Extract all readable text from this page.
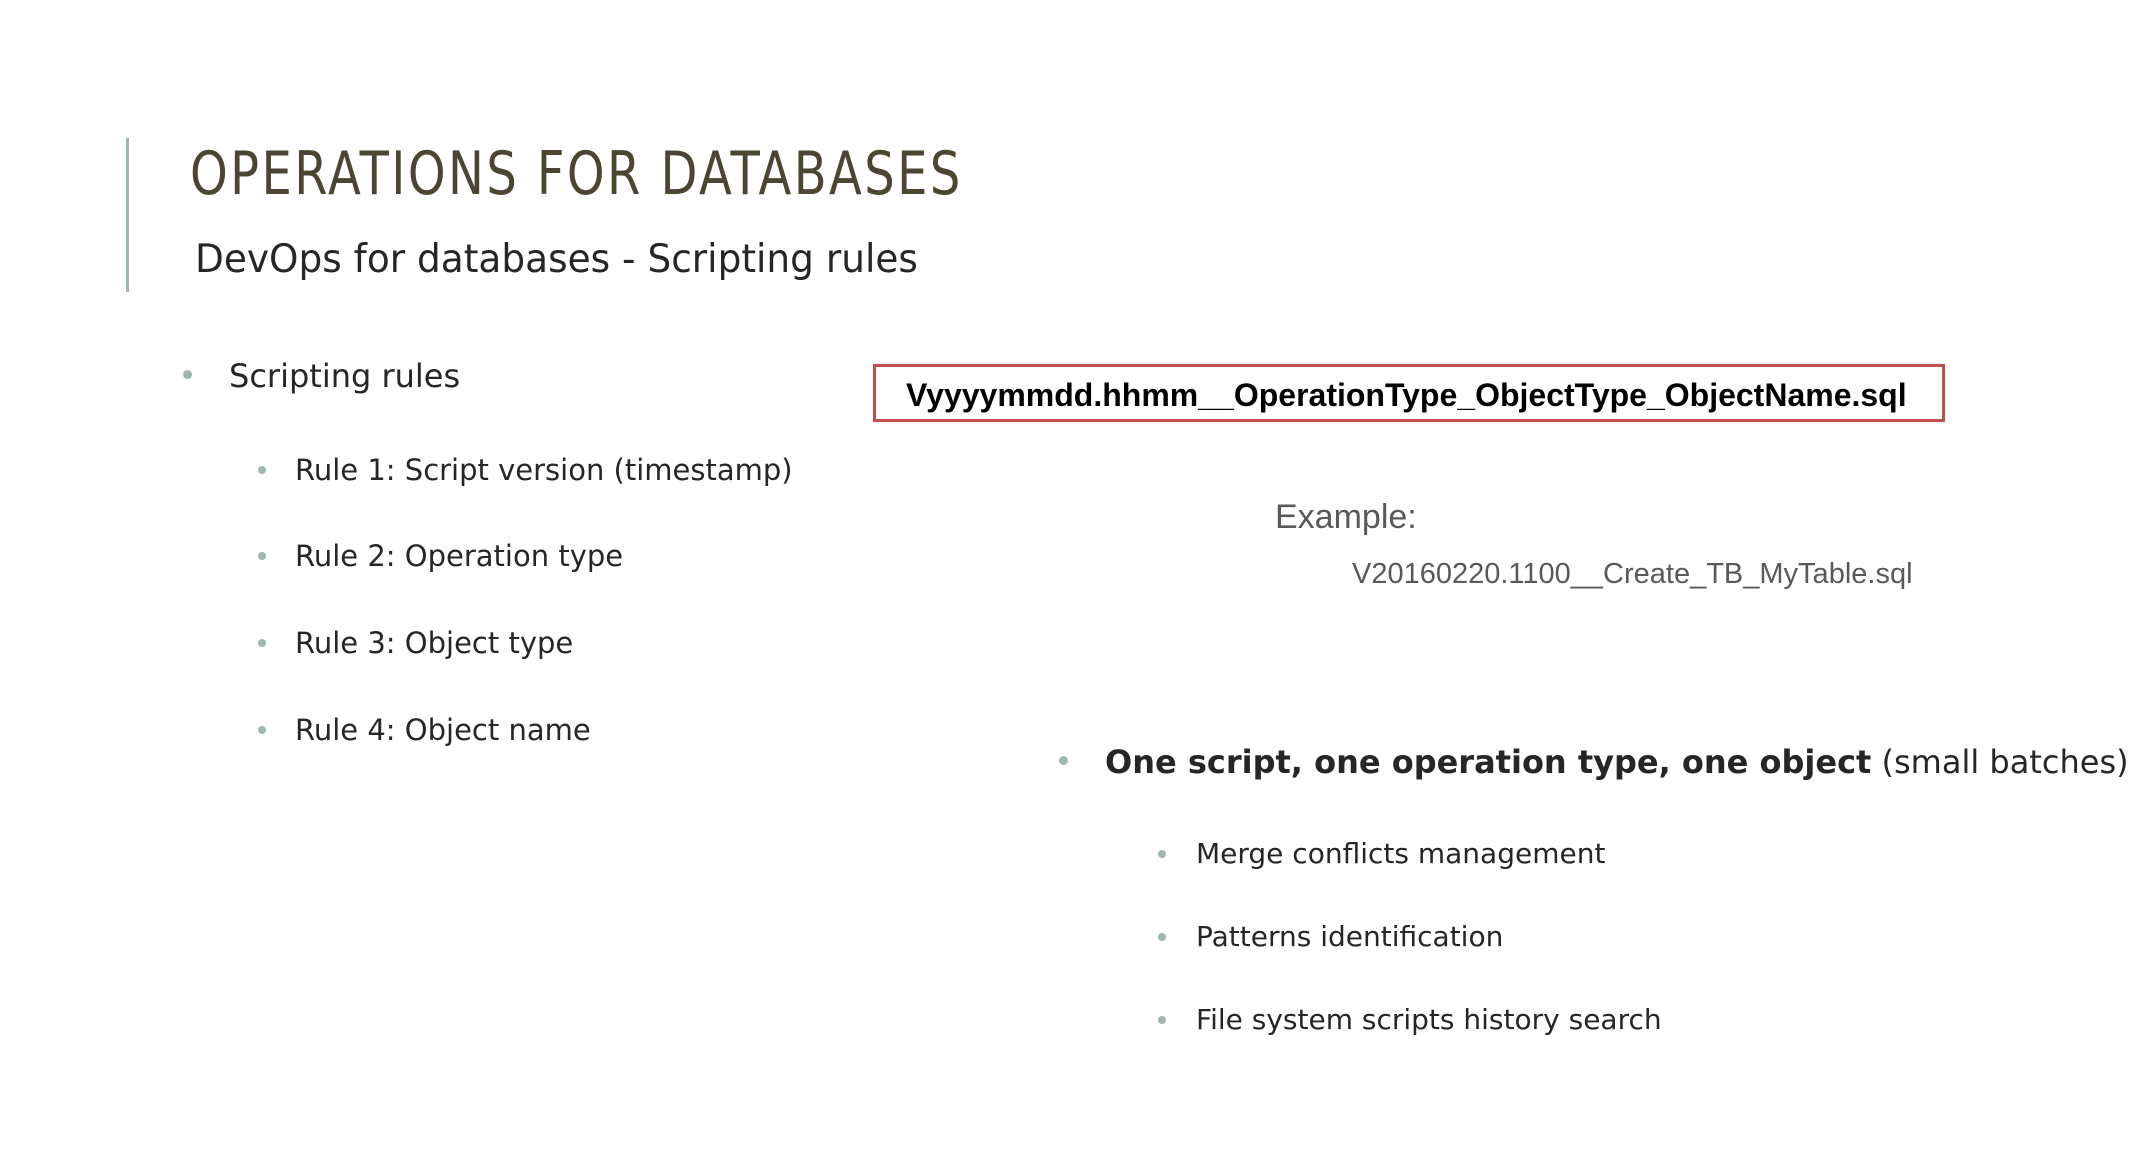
OPERATIONS FOR DATABASES
DevOps for databases - Scripting rules
Scripting rules
Rule 1: Script version (timestamp)
Rule 2: Operation type
Rule 3: Object type
Rule 4: Object name
Vyyyymmdd.hhmm__OperationType_ObjectType_ObjectName.sql
Example:
V20160220.1100__Create_TB_MyTable.sql
One script, one operation type, one object (small batches)
Merge conflicts management
Patterns identification
File system scripts history search
